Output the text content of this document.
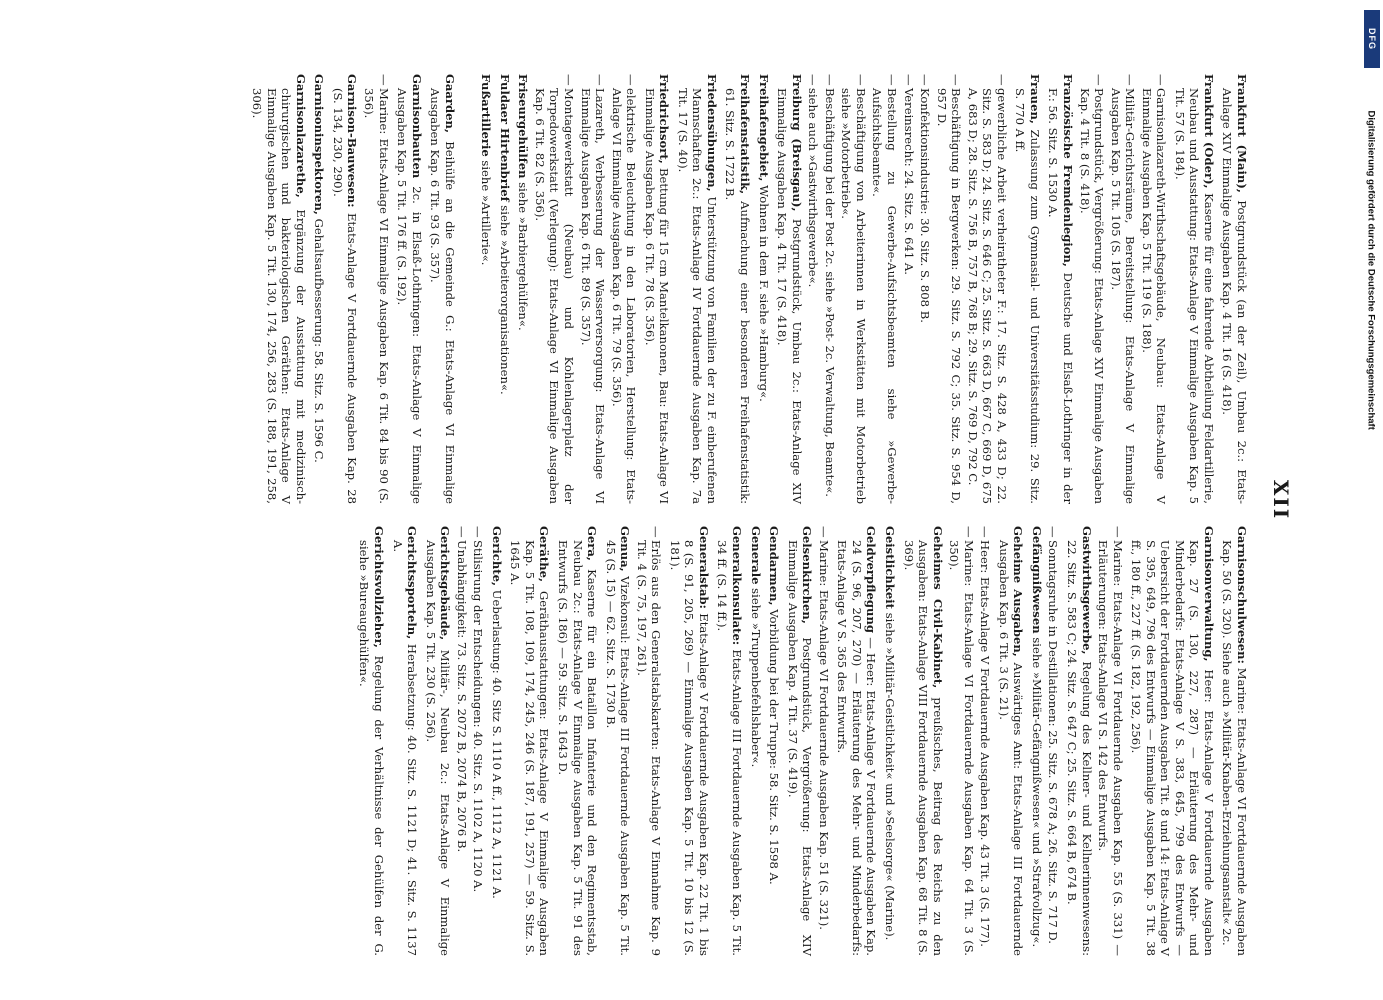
XII
Frankfurt (Main), Postgrundstück (an der Zeil), Umbau 2c.: Etats-Anlage XIV Einmalige Ausgaben Kap. 4 Tit. 16 (S. 418).
Frankfurt (Oder), Kaserne für eine fahrende Abtheilung Feldartillerie, Neubau und Ausstattung: Etats-Anlage V Einmalige Ausgaben Kap. 5 Tit. 57 (S. 184).
—Garnisonlazareth-Wirthschaftsgebäude, Neubau: Etats-Anlage V Einmalige Ausgaben Kap. 5 Tit. 119 (S. 188).
—Militär-Gerichtsräume, Bereitstellung: Etats-Anlage V Einmalige Ausgaben Kap. 5 Tit. 105 (S. 187).
—Postgrundstück, Vergrößerung: Etats-Anlage XIV Einmalige Ausgaben Kap. 4 Tit. 8 (S. 418).
Französische Fremdenlegion, Deutsche und Elsaß-Lothringer in der F.: 56. Sitz. S. 1530 A.
Frauen, Zulassung zum Gymnasial- und Universitätsstudium: 29. Sitz. S. 770 A ff.
—gewerbliche Arbeit verheiratheter F.: 17. Sitz. S. 428 A, 433 D; 22. Sitz. S. 583 D; 24. Sitz. S. 646 C; 25. Sitz. S. 663 D, 667 C, 669 D, 675 A, 683 D; 28. Sitz. S. 756 B, 757 B, 768 B; 29. Sitz. S. 769 D, 792 C.
—Beschäftigung in Bergwerken: 29. Sitz. S. 792 C; 35. Sitz. S. 954 D, 957 D.
—Konfektionsindustrie: 30. Sitz. S. 808 B.
—Vereinsrecht: 24. Sitz. S. 641 A.
—Bestellung zu Gewerbe-Aufsichtsbeamten siehe »Gewerbe-Aufsichtsbeamte«.
—Beschäftigung von Arbeiterinnen in Werkstätten mit Motorbetrieb siehe »Motorbetrieb«.
—Beschäftigung bei der Post 2c. siehe »Post- 2c. Verwaltung, Beamte«.
—siehe auch »Gastwirthsgewerbe«.
Freiburg (Breisgau), Postgrundstück, Umbau 2c.: Etats-Anlage XIV Einmalige Ausgaben Kap. 4 Tit. 17 (S. 418).
Freihafengebiet, Wohnen in dem F. siehe »Hamburg«.
Freihafenstatistik, Aufmachung einer besonderen Freihafenstatistik: 61. Sitz. S. 1722 B.
Friedensübungen, Unterstützung von Familien der zu F. einberufenen Mannschaften 2c.: Etats-Anlage IV Fortdauernde Ausgaben Kap. 7a Tit. 17 (S. 40).
Friedrichsort, Bettung für 15 cm Mantelkanonen, Bau: Etats-Anlage VI Einmalige Ausgaben Kap. 6 Tit. 78 (S. 356).
—elektrische Beleuchtung in den Laboratorien, Herstellung: Etats-Anlage VI Einmalige Ausgaben Kap. 6 Tit. 79 (S. 356).
—Lazareth, Verbesserung der Wasserversorgung: Etats-Anlage VI Einmalige Ausgaben Kap. 6 Tit. 89 (S. 357).
—Montagewerkstatt (Neubau) und Kohlenlagerplatz der Torpedowerkstatt (Verlegung): Etats-Anlage VI Einmalige Ausgaben Kap. 6 Tit. 82 (S. 356).
Friseurgehülfen siehe »Barbiergehülfen«.
Fuldaer Hirtenbrief siehe »Arbeiterorganisationen«.
Fußartillerie siehe »Artillerie«.
Gaarden, Beihülfe an die Gemeinde G.: Etats-Anlage VI Einmalige Ausgaben Kap. 6 Tit. 93 (S. 357).
Garnisonbauten 2c. in Elsaß-Lothringen: Etats-Anlage V Einmalige Ausgaben Kap. 5 Tit. 176 ff. (S. 192).
—Marine: Etats-Anlage VI Einmalige Ausgaben Kap. 6 Tit. 84 bis 90 (S. 356).
Garnison-Bauwesen: Etats-Anlage V Fortdauernde Ausgaben Kap. 28 (S. 134, 230, 290).
Garnisoninspektoren, Gehaltsaufbesserung: 58. Sitz. S. 1596 C.
Garnisonlazarethe, Ergänzung der Ausstattung mit medizinisch-chirurgischen und bakteriologischen Geräthen: Etats-Anlage V Einmalige Ausgaben Kap. 5 Tit. 130, 174, 256, 283 (S. 188, 191, 258, 306).
Garnisonschulwesen: Marine: Etats-Anlage VI Fortdauernde Ausgaben Kap. 50 (S. 320). Siehe auch »Militär-Knaben-Erziehungsanstalt« 2c.
Garnisonverwaltung, Heer: Etats-Anlage V Fortdauernde Ausgaben Kap. 27 (S. 130, 227, 287) — Erläuterung des Mehr- und Minderbedarfs: Etats-Anlage V S. 383, 645, 799 des Entwurfs — Uebersicht der Fortdauernden Ausgaben Tit. 8 und 14: Etats-Anlage V S. 395, 649, 796 des Entwurfs — Einmalige Ausgaben Kap. 5 Tit. 38 ff., 180 ff., 227 ff. (S. 182, 192, 256).
—Marine: Etats-Anlage VI Fortdauernde Ausgaben Kap. 55 (S. 331) — Erläuterungen: Etats-Anlage VI S. 142 des Entwurfs.
Gastwirthsgewerbe, Regelung des Kellner- und Kellnerinnenwesens: 22. Sitz. S. 583 C; 24. Sitz. S. 647 C; 25. Sitz. S. 664 B, 674 B.
—Sonntagsruhe in Destillationen: 25. Sitz. S. 678 A; 26. Sitz. S. 717 D.
Gefängnißwesen siehe »Militär-Gefängnißwesen« und »Strafvollzug«.
Geheime Ausgaben, Auswärtiges Amt: Etats-Anlage III Fortdauernde Ausgaben Kap. 6 Tit. 3 (S. 21).
—Heer: Etats-Anlage V Fortdauernde Ausgaben Kap. 43 Tit. 3 (S. 177).
—Marine: Etats-Anlage VI Fortdauernde Ausgaben Kap. 64 Tit. 3 (S. 350).
Geheimes Civil-Kabinet, preußisches, Beitrag des Reichs zu den Ausgaben: Etats-Anlage VIII Fortdauernde Ausgaben Kap. 68 Tit. 8 (S. 369).
Geistlichkeit siehe »Militär-Geistlichkeit« und »Seelsorge« (Marine).
Geldverpflegung — Heer: Etats-Anlage V Fortdauernde Ausgaben Kap. 24 (S. 96, 207, 270) — Erläuterung des Mehr- und Minderbedarfs: Etats-Anlage V S. 365 des Entwurfs.
—Marine: Etats-Anlage VI Fortdauernde Ausgaben Kap. 51 (S. 321).
Gelsenkirchen, Postgrundstück, Vergrößerung: Etats-Anlage XIV Einmalige Ausgaben Kap. 4 Tit. 37 (S. 419).
Gendarmen, Vorbildung bei der Truppe: 58. Sitz. S. 1598 A.
Generale siehe »Truppenbefehlshaber«.
Generalkonsulate: Etats-Anlage III Fortdauernde Ausgaben Kap. 5 Tit. 34 ff. (S. 14 ff.).
Generalstab: Etats-Anlage V Fortdauernde Ausgaben Kap. 22 Tit. 1 bis 8 (S. 91, 205, 269) — Einmalige Ausgaben Kap. 5 Tit. 10 bis 12 (S. 181).
—Erlös aus den Generalstabskarten: Etats-Anlage V Einnahme Kap. 9 Tit. 4 (S. 75, 197, 261).
Genua, Vizekonsul: Etats-Anlage III Fortdauernde Ausgaben Kap. 5 Tit. 45 (S. 15) — 62. Sitz. S. 1730 B.
Gera, Kaserne für ein Bataillon Infanterie und den Regimentsstab, Neubau 2c.: Etats-Anlage V Einmalige Ausgaben Kap. 5 Tit. 91 des Entwurfs (S. 186) — 59. Sitz. S. 1643 D.
Geräthe, Geräthausstattungen: Etats-Anlage V Einmalige Ausgaben Kap. 5 Tit. 108, 109, 174, 245, 246 (S. 187, 191, 257) — 59. Sitz. S. 1645 A.
Gerichte, Ueberlastung: 40. Sitz S. 1110 A ff., 1112 A, 1121 A.
—Stilisirung der Entscheidungen: 40. Sitz. S. 1102 A, 1120 A.
—Unabhängigkeit: 73. Sitz. S. 2072 B, 2074 B, 2076 B.
Gerichtsgebäude, Militär-, Neubau 2c.: Etats-Anlage V Einmalige Ausgaben Kap. 5 Tit. 230 (S. 256).
Gerichtssporteln, Herabsetzung: 40. Sitz. S. 1121 D; 41. Sitz. S. 1137 A.
Gerichtsvollzieher, Regelung der Verhältnisse der Gehülfen der G. siehe »Bureaugehülfen«.
Digitalisierung gefördert durch die Deutsche Forschungsgemeinschaft
DFG
